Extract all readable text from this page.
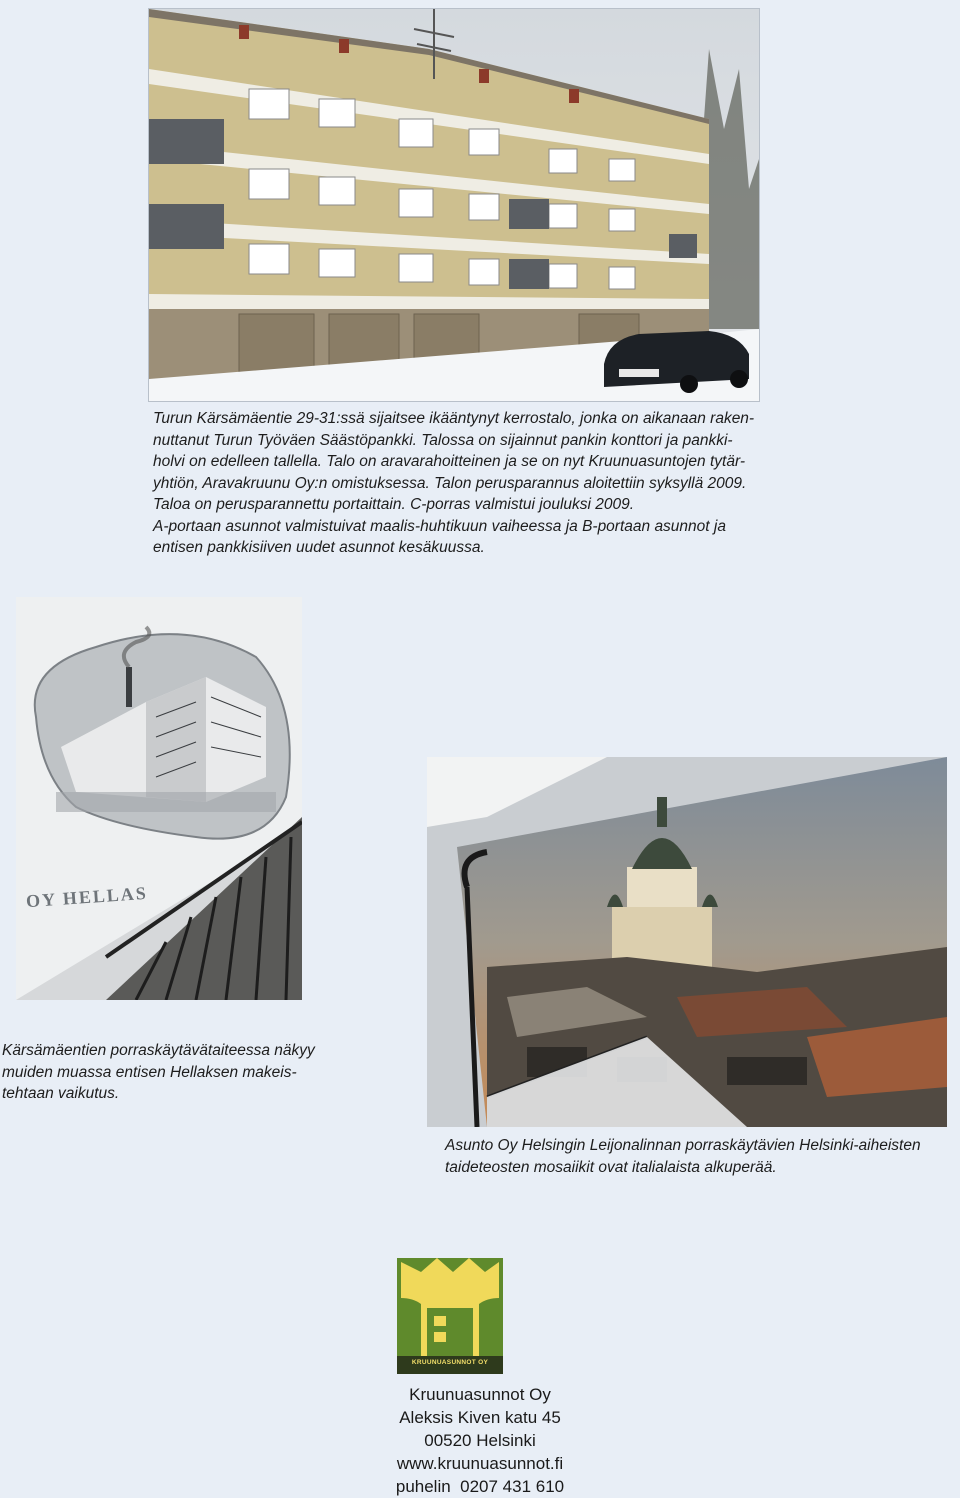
Turun Kärsämäentie 29-31:ssä sijaitsee ikääntynyt kerrostalo, jonka on aikanaan raken-
nuttanut Turun Työväen Säästöpankki. Talossa on sijainnut pankin konttori ja pankki-
holvi on edelleen tallella. Talo on aravarahoitteinen ja se on nyt Kruunuasuntojen tytär-
yhtiön, Aravakruunu Oy:n omistuksessa. Talon perusparannus aloitettiin syksyllä 2009.
Taloa on perusparannettu portaittain. C-porras valmistui jouluksi 2009.
A-portaan asunnot valmistuivat maalis-huhtikuun vaiheessa ja B-portaan asunnot ja
entisen pankkisiiven uudet asunnot kesäkuussa.

OY HELLAS

Kärsämäentien porraskäytävätaiteessa näkyy
muiden muassa entisen Hellaksen makeis-
tehtaan vaikutus.

Asunto Oy Helsingin Leijonalinnan porraskäytävien Helsinki-aiheisten
taideteosten mosaiikit ovat italialaista alkuperää.

KRUUNUASUNNOT OY
Kruunuasunnot Oy
Aleksis Kiven katu 45
00520 Helsinki
www.kruunuasunnot.fi
puhelin  0207 431 610
